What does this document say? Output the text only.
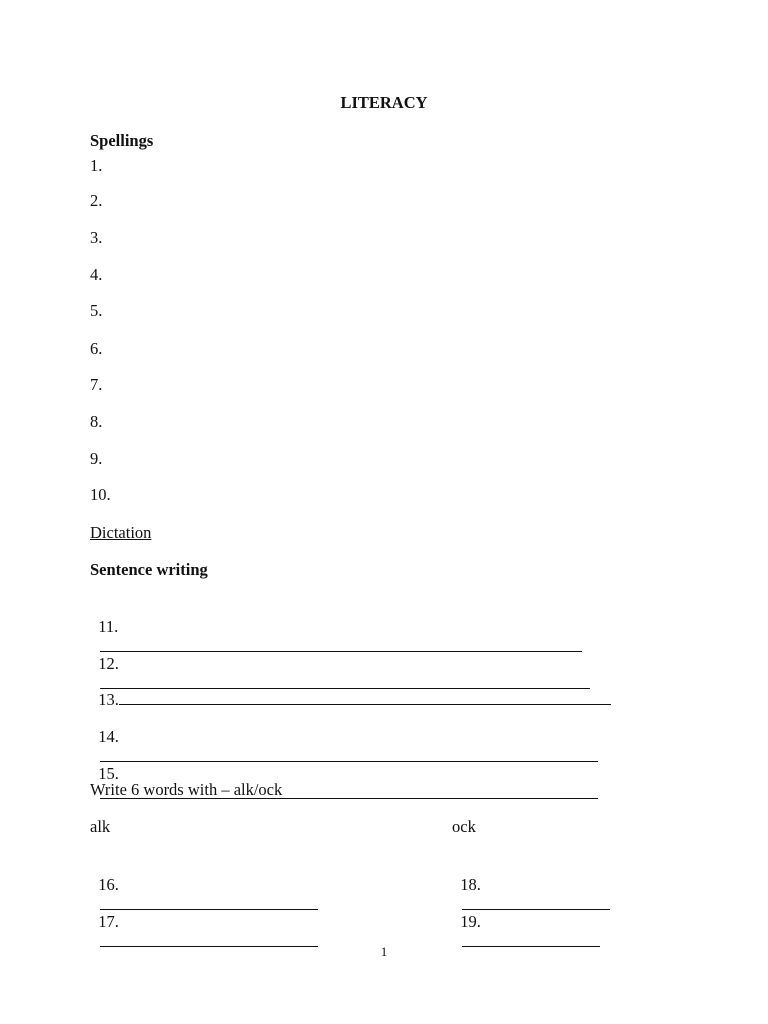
LITERACY
Spellings
1.
2.
3.
4.
5.
6.
7.
8.
9.
10.
Dictation
Sentence writing

11.

12.

13.

14.

15.

Write 6 words with – alk/ock
alk	ock

16.

17.

18.

19.

1
